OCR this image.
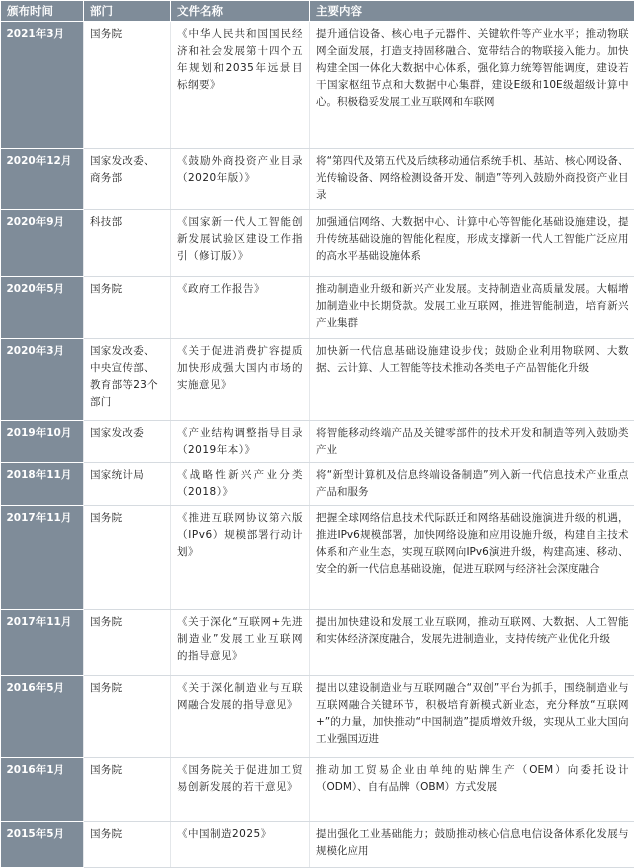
颁布时间	部门	文件名称	主要内容
2021年3月	国务院	《中华人民共和国国民经济和社会发展第十四个五年规划和2035年远景目标纲要》	提升通信设备、核心电子元器件、关键软件等产业水平；推动物联网全面发展，打造支持固移融合、宽带结合的物联接入能力。加快构建全国一体化大数据中心体系，强化算力统筹智能调度，建设若干国家枢纽节点和大数据中心集群，建设E级和10E级超级计算中心。积极稳妥发展工业互联网和车联网
2020年12月	国家发改委、商务部	《鼓励外商投资产业目录（2020年版）》	将“第四代及第五代及后续移动通信系统手机、基站、核心网设备、光传输设备、网络检测设备开发、制造”等列入鼓励外商投资产业目录
2020年9月	科技部	《国家新一代人工智能创新发展试验区建设工作指引（修订版）》	加强通信网络、大数据中心、计算中心等智能化基础设施建设，提升传统基础设施的智能化程度，形成支撑新一代人工智能广泛应用的高水平基础设施体系
2020年5月	国务院	《政府工作报告》	推动制造业升级和新兴产业发展。支持制造业高质量发展。大幅增加制造业中长期贷款。发展工业互联网，推进智能制造，培育新兴产业集群
2020年3月	国家发改委、中央宣传部、教育部等23个部门	《关于促进消费扩容提质加快形成强大国内市场的实施意见》	加快新一代信息基础设施建设步伐；鼓励企业利用物联网、大数据、云计算、人工智能等技术推动各类电子产品智能化升级
2019年10月	国家发改委	《产业结构调整指导目录（2019年本）》	将智能移动终端产品及关键零部件的技术开发和制造等列入鼓励类产业
2018年11月	国家统计局	《战略性新兴产业分类（2018）》	将“新型计算机及信息终端设备制造”列入新一代信息技术产业重点产品和服务
2017年11月	国务院	《推进互联网协议第六版（IPv6）规模部署行动计划》	把握全球网络信息技术代际跃迁和网络基础设施演进升级的机遇，推进IPv6规模部署，加快网络设施和应用设施升级，构建自主技术体系和产业生态，实现互联网向IPv6演进升级，构建高速、移动、安全的新一代信息基础设施，促进互联网与经济社会深度融合
2017年11月	国务院	《关于深化“互联网+先进制造业”发展工业互联网的指导意见》	提出加快建设和发展工业互联网，推动互联网、大数据、人工智能和实体经济深度融合，发展先进制造业，支持传统产业优化升级
2016年5月	国务院	《关于深化制造业与互联网融合发展的指导意见》	提出以建设制造业与互联网融合“双创”平台为抓手，围绕制造业与互联网融合关键环节，积极培育新模式新业态，充分释放“互联网+”的力量，加快推动“中国制造”提质增效升级，实现从工业大国向工业强国迈进
2016年1月	国务院	《国务院关于促进加工贸易创新发展的若干意见》	推动加工贸易企业由单纯的贴牌生产（OEM）向委托设计（ODM）、自有品牌（OBM）方式发展
2015年5月	国务院	《中国制造2025》	提出强化工业基础能力；鼓励推动核心信息电信设备体系化发展与规模化应用
